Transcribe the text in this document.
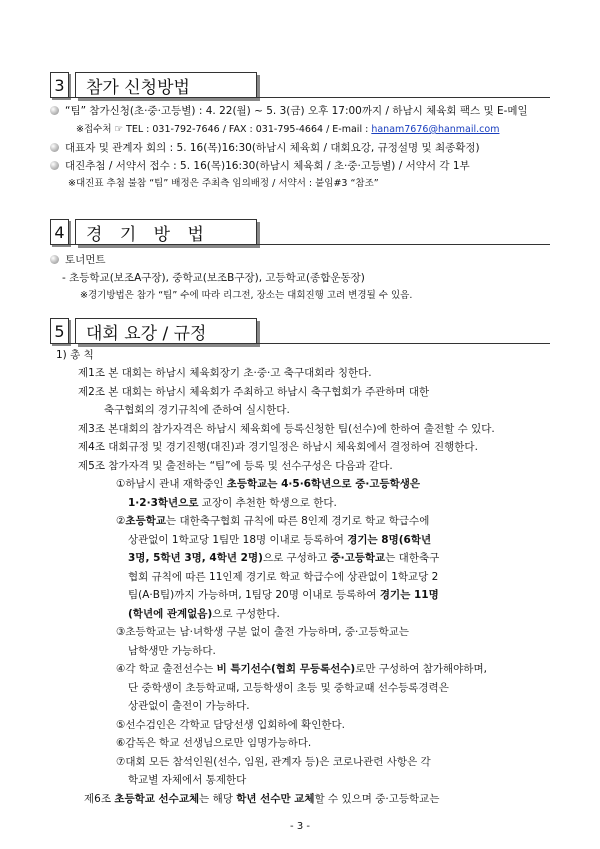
3	참가 신청방법
“팀” 참가신청(초·중·고등별) : 4. 22(월) ~ 5. 3(금) 오후 17:00까지 / 하남시 체육회 팩스 및 E-메일
※접수처 ☞ TEL : 031-792-7646 / FAX : 031-795-4664 / E-mail : hanam7676@hanmail.com
대표자 및 관계자 회의 : 5. 16(목)16:30(하남시 체육회 / 대회요강, 규정설명 및 최종확정)
대진추첨 / 서약서 접수 : 5. 16(목)16:30(하남시 체육회 / 초·중·고등별) / 서약서 각 1부
※대진표 추첨 불참 “팀” 배정은 주최측 임의배정 / 서약서 : 붙임#3 “참조”
4	경 기 방 법
토너먼트
- 초등학교(보조A구장), 중학교(보조B구장), 고등학교(종합운동장)
※경기방법은 참가 “팀” 수에 따라 리그전, 장소는 대회진행 고려 변경될 수 있음.
5	대회 요강 / 규정
1) 총 칙
제1조 본 대회는 하남시 체육회장기 초·중·고 축구대회라 칭한다.
제2조 본 대회는 하남시 체육회가 주최하고 하남시 축구협회가 주관하며 대한
축구협회의 경기규칙에 준하여 실시한다.
제3조 본대회의 참가자격은 하남시 체육회에 등록신청한 팀(선수)에 한하여 출전할 수 있다.
제4조 대회규정 및 경기진행(대진)과 경기일정은 하남시 체육회에서 결정하여 진행한다.
제5조 참가자격 및 출전하는 “팀”에 등록 및 선수구성은 다음과 같다.
①하남시 관내 재학중인 초등학교는 4·5·6학년으로 중·고등학생은
1·2·3학년으로 교장이 추천한 학생으로 한다.
②초등학교는 대한축구협회 규칙에 따른 8인제 경기로 학교 학급수에
상관없이 1학교당 1팀만 18명 이내로 등록하여 경기는 8명(6학년
3명, 5학년 3명, 4학년 2명)으로 구성하고 중·고등학교는 대한축구
협회 규칙에 따른 11인제 경기로 학교 학급수에 상관없이 1학교당 2
팀(A·B팀)까지 가능하며, 1팀당 20명 이내로 등록하여 경기는 11명
(학년에 관계없음)으로 구성한다.
③초등학교는 남·녀학생 구분 없이 출전 가능하며, 중·고등학교는
남학생만 가능하다.
④각 학교 출전선수는 비 특기선수(협회 무등록선수)로만 구성하여 참가해야하며,
단 중학생이 초등학교때, 고등학생이 초등 및 중학교때 선수등록경력은
상관없이 출전이 가능하다.
⑤선수검인은 각학교 담당선생 입회하에 확인한다.
⑥감독은 학교 선생님으로만 임명가능하다.
⑦대회 모든 참석인원(선수, 임원, 관계자 등)은 코로나관련 사항은 각
학교별 자체에서 통제한다
제6조 초등학교 선수교체는 해당 학년 선수만 교체할 수 있으며 중·고등학교는
- 3 -
